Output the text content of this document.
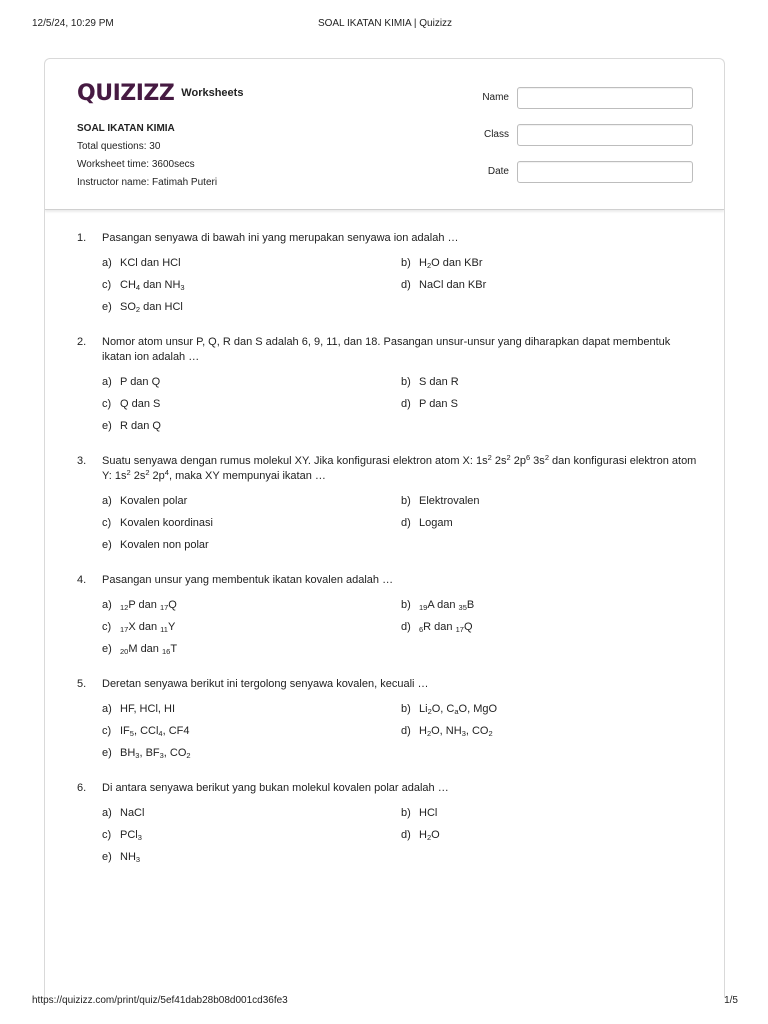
12/5/24, 10:29 PM	SOAL IKATAN KIMIA | Quizizz
QUIZIZZ Worksheets
SOAL IKATAN KIMIA
Total questions: 30
Worksheet time: 3600secs
Instructor name: Fatimah Puteri
Name
Class
Date
1.	Pasangan senyawa di bawah ini yang merupakan senyawa ion adalah …
a) KCl dan HCl	b) $H_2O$ dan KBr
c) $CH_4$ dan $NH_3$	d) NaCl dan KBr
e) $SO_2$ dan HCl
2.	Nomor atom unsur P, Q, R dan S adalah 6, 9, 11, dan 18. Pasangan unsur-unsur yang diharapkan dapat membentuk ikatan ion adalah …
a) P dan Q	b) S dan R
c) Q dan S	d) P dan S
e) R dan Q
3.	Suatu senyawa dengan rumus molekul XY. Jika konfigurasi elektron atom X: $1s^2$ $2s^2$ $2p^6$ $3s^2$ dan konfigurasi elektron atom Y: $1s^2$ $2s^2$ $2p^4$, maka XY mempunyai ikatan …
a) Kovalen polar	b) Elektrovalen
c) Kovalen koordinasi	d) Logam
e) Kovalen non polar
4.	Pasangan unsur yang membentuk ikatan kovalen adalah …
a)	$_{12}$P dan $_{17}$Q	b)	$_{19}$A dan $_{35}$B
c)	$_{17}$X dan $_{11}$Y	d)	$_6$R dan $_{17}$Q
e)	$_{20}$M dan $_{16}$T
5.	Deretan senyawa berikut ini tergolong senyawa kovalen, kecuali …
a) HF, HCl, HI	b) $Li_2O$, $C_aO$, MgO
c) $IF_5$, CCl$_4$, CF4	d) $H_2O$, $NH_3$, $CO_2$
e) $BH_3$, $BF_3$, $CO_2$
6.	Di antara senyawa berikut yang bukan molekul kovalen polar adalah …
a) NaCl	b) HCl
c) PCl$_3$	d) $H_2O$
e) $NH_3$
https://quizizz.com/print/quiz/5ef41dab28b08d001cd36fe3	1/5
